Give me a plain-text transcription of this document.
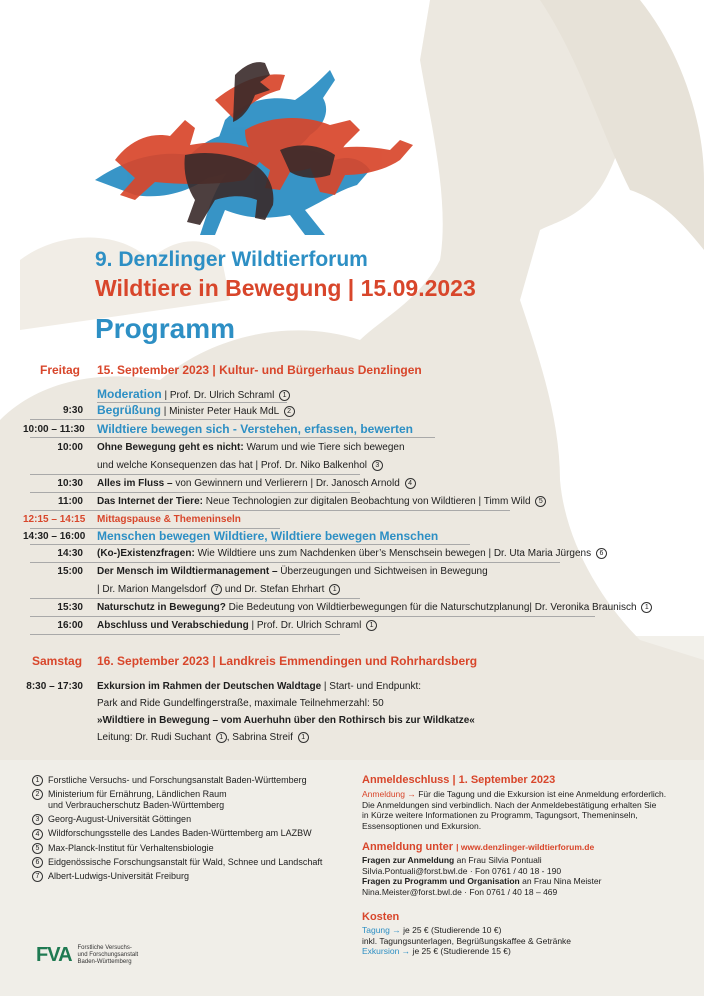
9. Denzlinger Wildtierforum
Wildtiere in Bewegung | 15.09.2023
Programm
Freitag 15. September 2023 | Kultur- und Bürgerhaus Denzlingen
Moderation | Prof. Dr. Ulrich Schraml 1
9:30 Begrüßung | Minister Peter Hauk MdL 2
10:00 – 11:30 Wildtiere bewegen sich - Verstehen, erfassen, bewerten
10:00 Ohne Bewegung geht es nicht: Warum und wie Tiere sich bewegen
und welche Konsequenzen das hat | Prof. Dr. Niko Balkenhol 3
10:30 Alles im Fluss – von Gewinnern und Verlierern | Dr. Janosch Arnold 4
11:00 Das Internet der Tiere: Neue Technologien zur digitalen Beobachtung von Wildtieren | Timm Wild 5
12:15 – 14:15 Mittagspause & Themeninseln
14:30 – 16:00 Menschen bewegen Wildtiere, Wildtiere bewegen Menschen
14:30 (Ko-)Existenzfragen: Wie Wildtiere uns zum Nachdenken über’s Menschsein bewegen | Dr. Uta Maria Jürgens 6
15:00 Der Mensch im Wildtiermanagement – Überzeugungen und Sichtweisen in Bewegung
| Dr. Marion Mangelsdorf 7 und Dr. Stefan Ehrhart 1
15:30 Naturschutz in Bewegung? Die Bedeutung von Wildtierbewegungen für die Naturschutzplanung| Dr. Veronika Braunisch 1
16:00 Abschluss und Verabschiedung | Prof. Dr. Ulrich Schraml 1
Samstag 16. September 2023 | Landkreis Emmendingen und Rohrhardsberg
8:30 – 17:30 Exkursion im Rahmen der Deutschen Waldtage | Start- und Endpunkt:
Park and Ride Gundelfingerstraße, maximale Teilnehmerzahl: 50
»Wildtiere in Bewegung – vom Auerhuhn über den Rothirsch bis zur Wildkatze«
Leitung: Dr. Rudi Suchant 1 , Sabrina Streif 1
1 Forstliche Versuchs- und Forschungsanstalt Baden-Württemberg
2 Ministerium für Ernährung, Ländlichen Raum
und Verbraucherschutz Baden-Württemberg
3 Georg-August-Universität Göttingen
4 Wildforschungsstelle des Landes Baden-Württemberg am LAZBW
5 Max-Planck-Institut für Verhaltensbiologie
6 Eidgenössische Forschungsanstalt für Wald, Schnee und Landschaft
7 Albert-Ludwigs-Universität Freiburg
FVA Forstliche Versuchs-
und Forschungsanstalt
Baden-Württemberg
Anmeldeschluss | 1. September 2023
Anmeldung → Für die Tagung und die Exkursion ist eine Anmeldung erforderlich.
Die Anmeldungen sind verbindlich. Nach der Anmeldebestätigung erhalten Sie
in Kürze weitere Informationen zu Programm, Tagungsort, Themeninseln,
Essensoptionen und Exkursion.
Anmeldung unter | www.denzlinger-wildtierforum.de
Fragen zur Anmeldung an Frau Silvia Pontuali
Silvia.Pontuali@forst.bwl.de · Fon 0761 / 40 18 - 190
Fragen zu Programm und Organisation an Frau Nina Meister
Nina.Meister@forst.bwl.de · Fon 0761 / 40 18 – 469
Kosten
Tagung → je 25 € (Studierende 10 €)
inkl. Tagungsunterlagen, Begrüßungskaffee & Getränke
Exkursion → je 25 € (Studierende 15 €)
